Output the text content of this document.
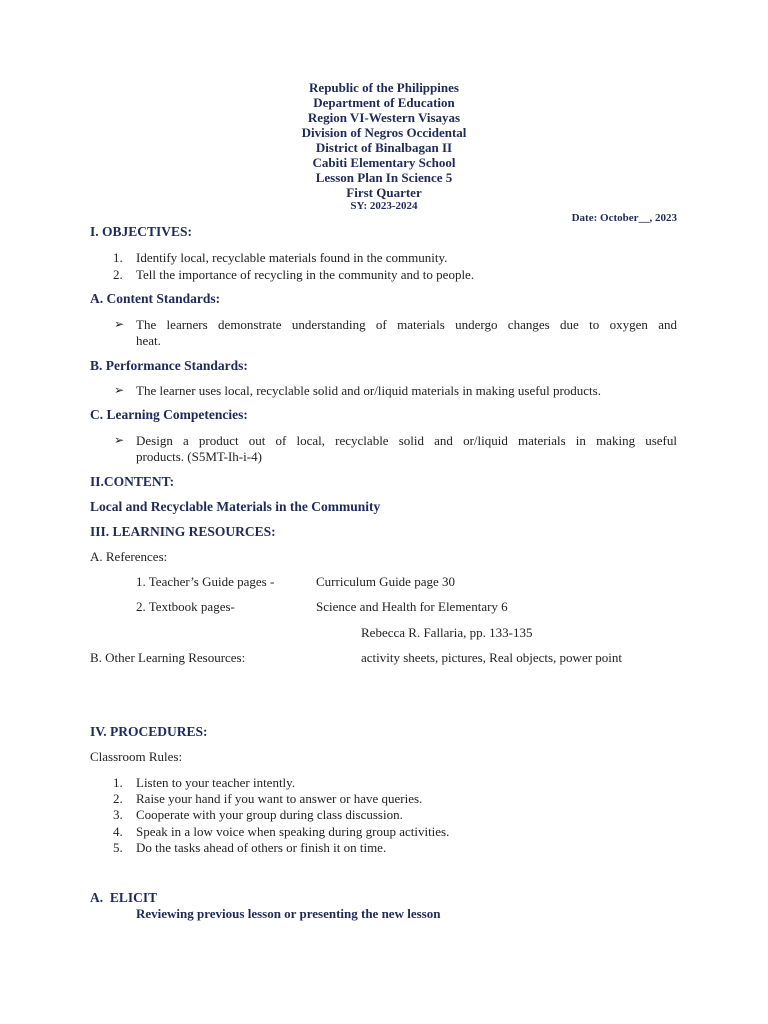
Republic of the Philippines
Department of Education
Region VI-Western Visayas
Division of Negros Occidental
District of Binalbagan II
Cabiti Elementary School
Lesson Plan In Science 5
First Quarter
SY: 2023-2024
Date: October__, 2023
I. OBJECTIVES:
1. Identify local, recyclable materials found in the community.
2. Tell the importance of recycling in the community and to people.
A. Content Standards:
➢ The learners demonstrate understanding of materials undergo changes due to oxygen and
heat.
B. Performance Standards:
➢ The learner uses local, recyclable solid and or/liquid materials in making useful products.
C. Learning Competencies:
➢ Design a product out of local, recyclable solid and or/liquid materials in making useful
products. (S5MT-Ih-i-4)
II.CONTENT:
Local and Recyclable Materials in the Community
III. LEARNING RESOURCES:
A. References:
1. Teacher’s Guide pages -	Curriculum Guide page 30
2. Textbook pages-	Science and Health for Elementary 6
Rebecca R. Fallaria, pp. 133-135
B. Other Learning Resources:	activity sheets, pictures, Real objects, power point
IV. PROCEDURES:
Classroom Rules:
1. Listen to your teacher intently.
2. Raise your hand if you want to answer or have queries.
3. Cooperate with your group during class discussion.
4. Speak in a low voice when speaking during group activities.
5. Do the tasks ahead of others or finish it on time.
A.  ELICIT
Reviewing previous lesson or presenting the new lesson
